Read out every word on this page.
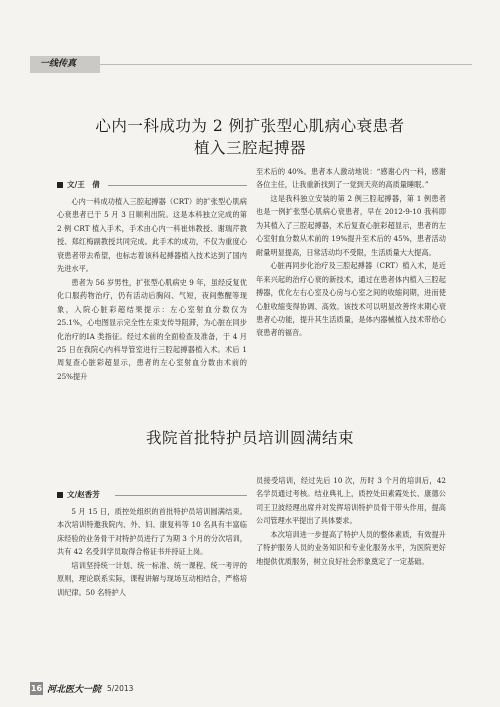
一线传真
心内一科成功为 2 例扩张型心肌病心衰患者
植入三腔起搏器
文/王　倩

心内一科成功植入三腔起搏器（CRT）的扩张型心肌病心衰患者已于 5 月 3 日顺利出院。这是本科独立完成的第 2 例 CRT 植入手术，手术由心内一科崔炜教授、谢瑞芹教授、郑红梅副教授共同完成。此手术的成功，不仅为重度心衰患者带去希望，也标志着该科起搏器植入技术达到了国内先进水平。

患者为 56 岁男性，扩张型心肌病史 9 年，虽经反复优化口服药物治疗，仍有活动后胸闷、气短，夜间憋醒等现象，入院心脏彩超结果提示：左心室射血分数仅为 25.1%，心电图显示完全性左束支传导阻滞，为心脏在同步化治疗的ⅠA 类指征。经过术前的全面检查及准备，于 4 月 25 日在我院心内科导管室进行三腔起搏器植入术。术后 1 周复查心脏彩超显示，患者的左心室射血分数由术前的 25%提升

至术后的 40%。患者本人激动地说：“感谢心内一科，感谢各位主任，让我重新找到了一觉到天亮的高质量睡眠。”

这是我科独立安装的第 2 例三腔起搏器，第 1 例患者也是一例扩张型心肌病心衰患者，早在 2012-9-10 我科即为其植入了三腔起搏器，术后复查心脏彩超显示，患者的左心室射血分数从术前的 19%提升至术后的 45%，患者活动耐量明显提高，日常活动均不受限，生活质量大大提高。

心脏再同步化治疗及三腔起搏器（CRT）植入术，是近年来兴起的治疗心衰的新技术，通过在患者体内植入三腔起搏器，优化左右心室及心房与心室之间的收缩间期，进而使心脏收缩变得协调、高效。该技术可以明显改善终末期心衰患者心功能，提升其生活质量，是体内器械植入技术带给心衰患者的福音。

我院首批特护员培训圆满结束
文/赵香芳

5 月 15 日，质控处组织的首批特护员培训圆满结束。本次培训特邀我院内、外、妇、康复科等 10 名具有丰富临床经验的业务骨干对特护员进行了为期 3 个月的分次培训，共有 42 名受训学员取得合格证书并持证上岗。

培训坚持统一计划、统一标准、统一课程、统一考评的原则，理论联系实际，课程讲解与现场互动相结合，严格培训纪律。50 名特护人

员接受培训，经过先后 10 次，历时 3 个月的培训后，42 名学员通过考核。结业典礼上，质控处田素霞处长、康德公司王卫波经理出席并对发挥培训特护员骨干带头作用，提高公司管理水平提出了具体要求。

本次培训进一步提高了特护人员的整体素质，有效提升了特护服务人员的业务知识和专业化服务水平，为医院更好地提供优质服务，树立良好社会形象奠定了一定基础。

16 河北医大一院 5/2013
